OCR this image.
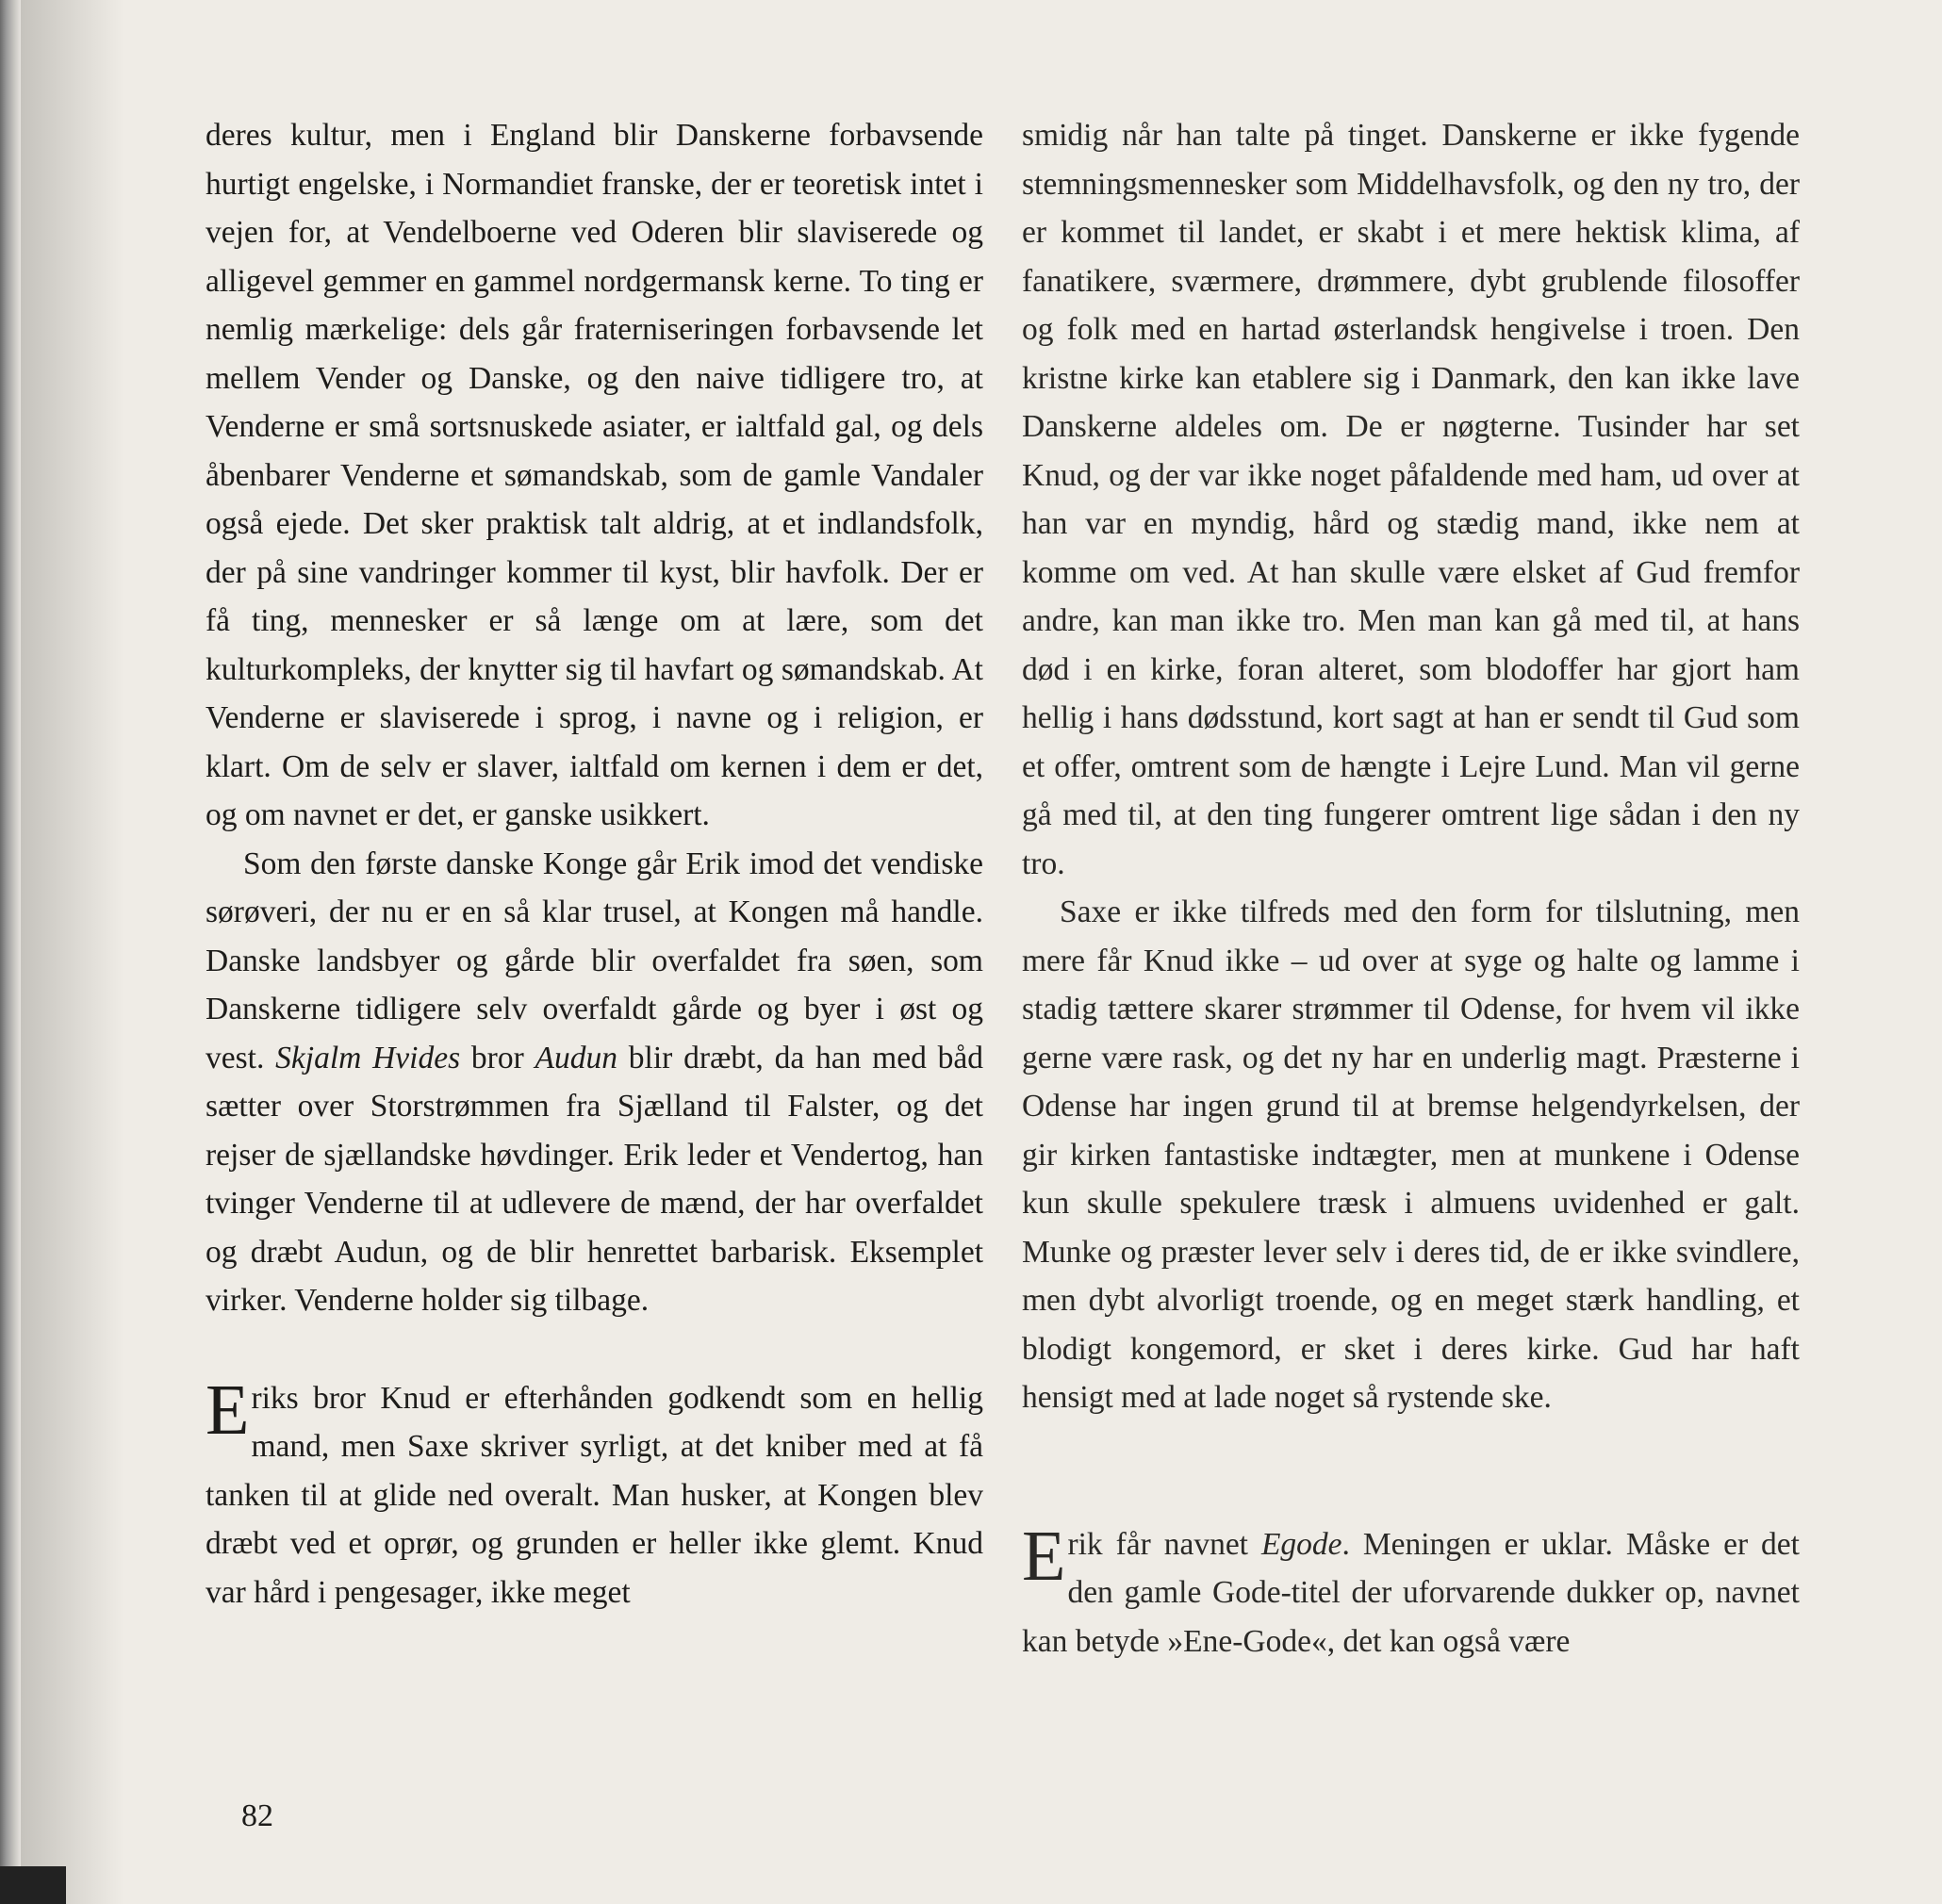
deres kultur, men i England blir Danskerne forbavsende hurtigt engelske, i Normandiet franske, der er teoretisk intet i vejen for, at Vendelboerne ved Oderen blir slaviserede og alligevel gemmer en gammel nordgermansk kerne. To ting er nemlig mærkelige: dels går fraterniseringen forbavsende let mellem Vender og Danske, og den naive tidligere tro, at Venderne er små sortsnuskede asiater, er ialtfald gal, og dels åbenbarer Venderne et sømandskab, som de gamle Vandaler også ejede. Det sker praktisk talt aldrig, at et indlandsfolk, der på sine vandringer kommer til kyst, blir havfolk. Der er få ting, mennesker er så længe om at lære, som det kulturkompleks, der knytter sig til havfart og sømandskab. At Venderne er slaviserede i sprog, i navne og i religion, er klart. Om de selv er slaver, ialtfald om kernen i dem er det, og om navnet er det, er ganske usikkert.

Som den første danske Konge går Erik imod det vendiske sørøveri, der nu er en så klar trusel, at Kongen må handle. Danske landsbyer og gårde blir overfaldet fra søen, som Danskerne tidligere selv overfaldt gårde og byer i øst og vest. Skjalm Hvides bror Audun blir dræbt, da han med båd sætter over Storstrømmen fra Sjælland til Falster, og det rejser de sjællandske høvdinger. Erik leder et Vendertog, han tvinger Venderne til at udlevere de mænd, der har overfaldet og dræbt Audun, og de blir henrettet barbarisk. Eksemplet virker. Venderne holder sig tilbage.

Eriks bror Knud er efterhånden godkendt som en hellig mand, men Saxe skriver syrligt, at det kniber med at få tanken til at glide ned overalt. Man husker, at Kongen blev dræbt ved et oprør, og grunden er heller ikke glemt. Knud var hård i pengesager, ikke meget

smidig når han talte på tinget. Danskerne er ikke fygende stemningsmennesker som Middelhavsfolk, og den ny tro, der er kommet til landet, er skabt i et mere hektisk klima, af fanatikere, sværmere, drømmere, dybt grublende filosoffer og folk med en hartad østerlandsk hengivelse i troen. Den kristne kirke kan etablere sig i Danmark, den kan ikke lave Danskerne aldeles om. De er nøgterne. Tusinder har set Knud, og der var ikke noget påfaldende med ham, ud over at han var en myndig, hård og stædig mand, ikke nem at komme om ved. At han skulle være elsket af Gud fremfor andre, kan man ikke tro. Men man kan gå med til, at hans død i en kirke, foran alteret, som blodoffer har gjort ham hellig i hans dødsstund, kort sagt at han er sendt til Gud som et offer, omtrent som de hængte i Lejre Lund. Man vil gerne gå med til, at den ting fungerer omtrent lige sådan i den ny tro.

Saxe er ikke tilfreds med den form for tilslutning, men mere får Knud ikke – ud over at syge og halte og lamme i stadig tættere skarer strømmer til Odense, for hvem vil ikke gerne være rask, og det ny har en underlig magt. Præsterne i Odense har ingen grund til at bremse helgendyrkelsen, der gir kirken fantastiske indtægter, men at munkene i Odense kun skulle spekulere træsk i almuens uvidenhed er galt. Munke og præster lever selv i deres tid, de er ikke svindlere, men dybt alvorligt troende, og en meget stærk handling, et blodigt kongemord, er sket i deres kirke. Gud har haft hensigt med at lade noget så rystende ske.

Erik får navnet Egode. Meningen er uklar. Måske er det den gamle Gode-titel der uforvarende dukker op, navnet kan betyde »Ene-Gode«, det kan også være

82
